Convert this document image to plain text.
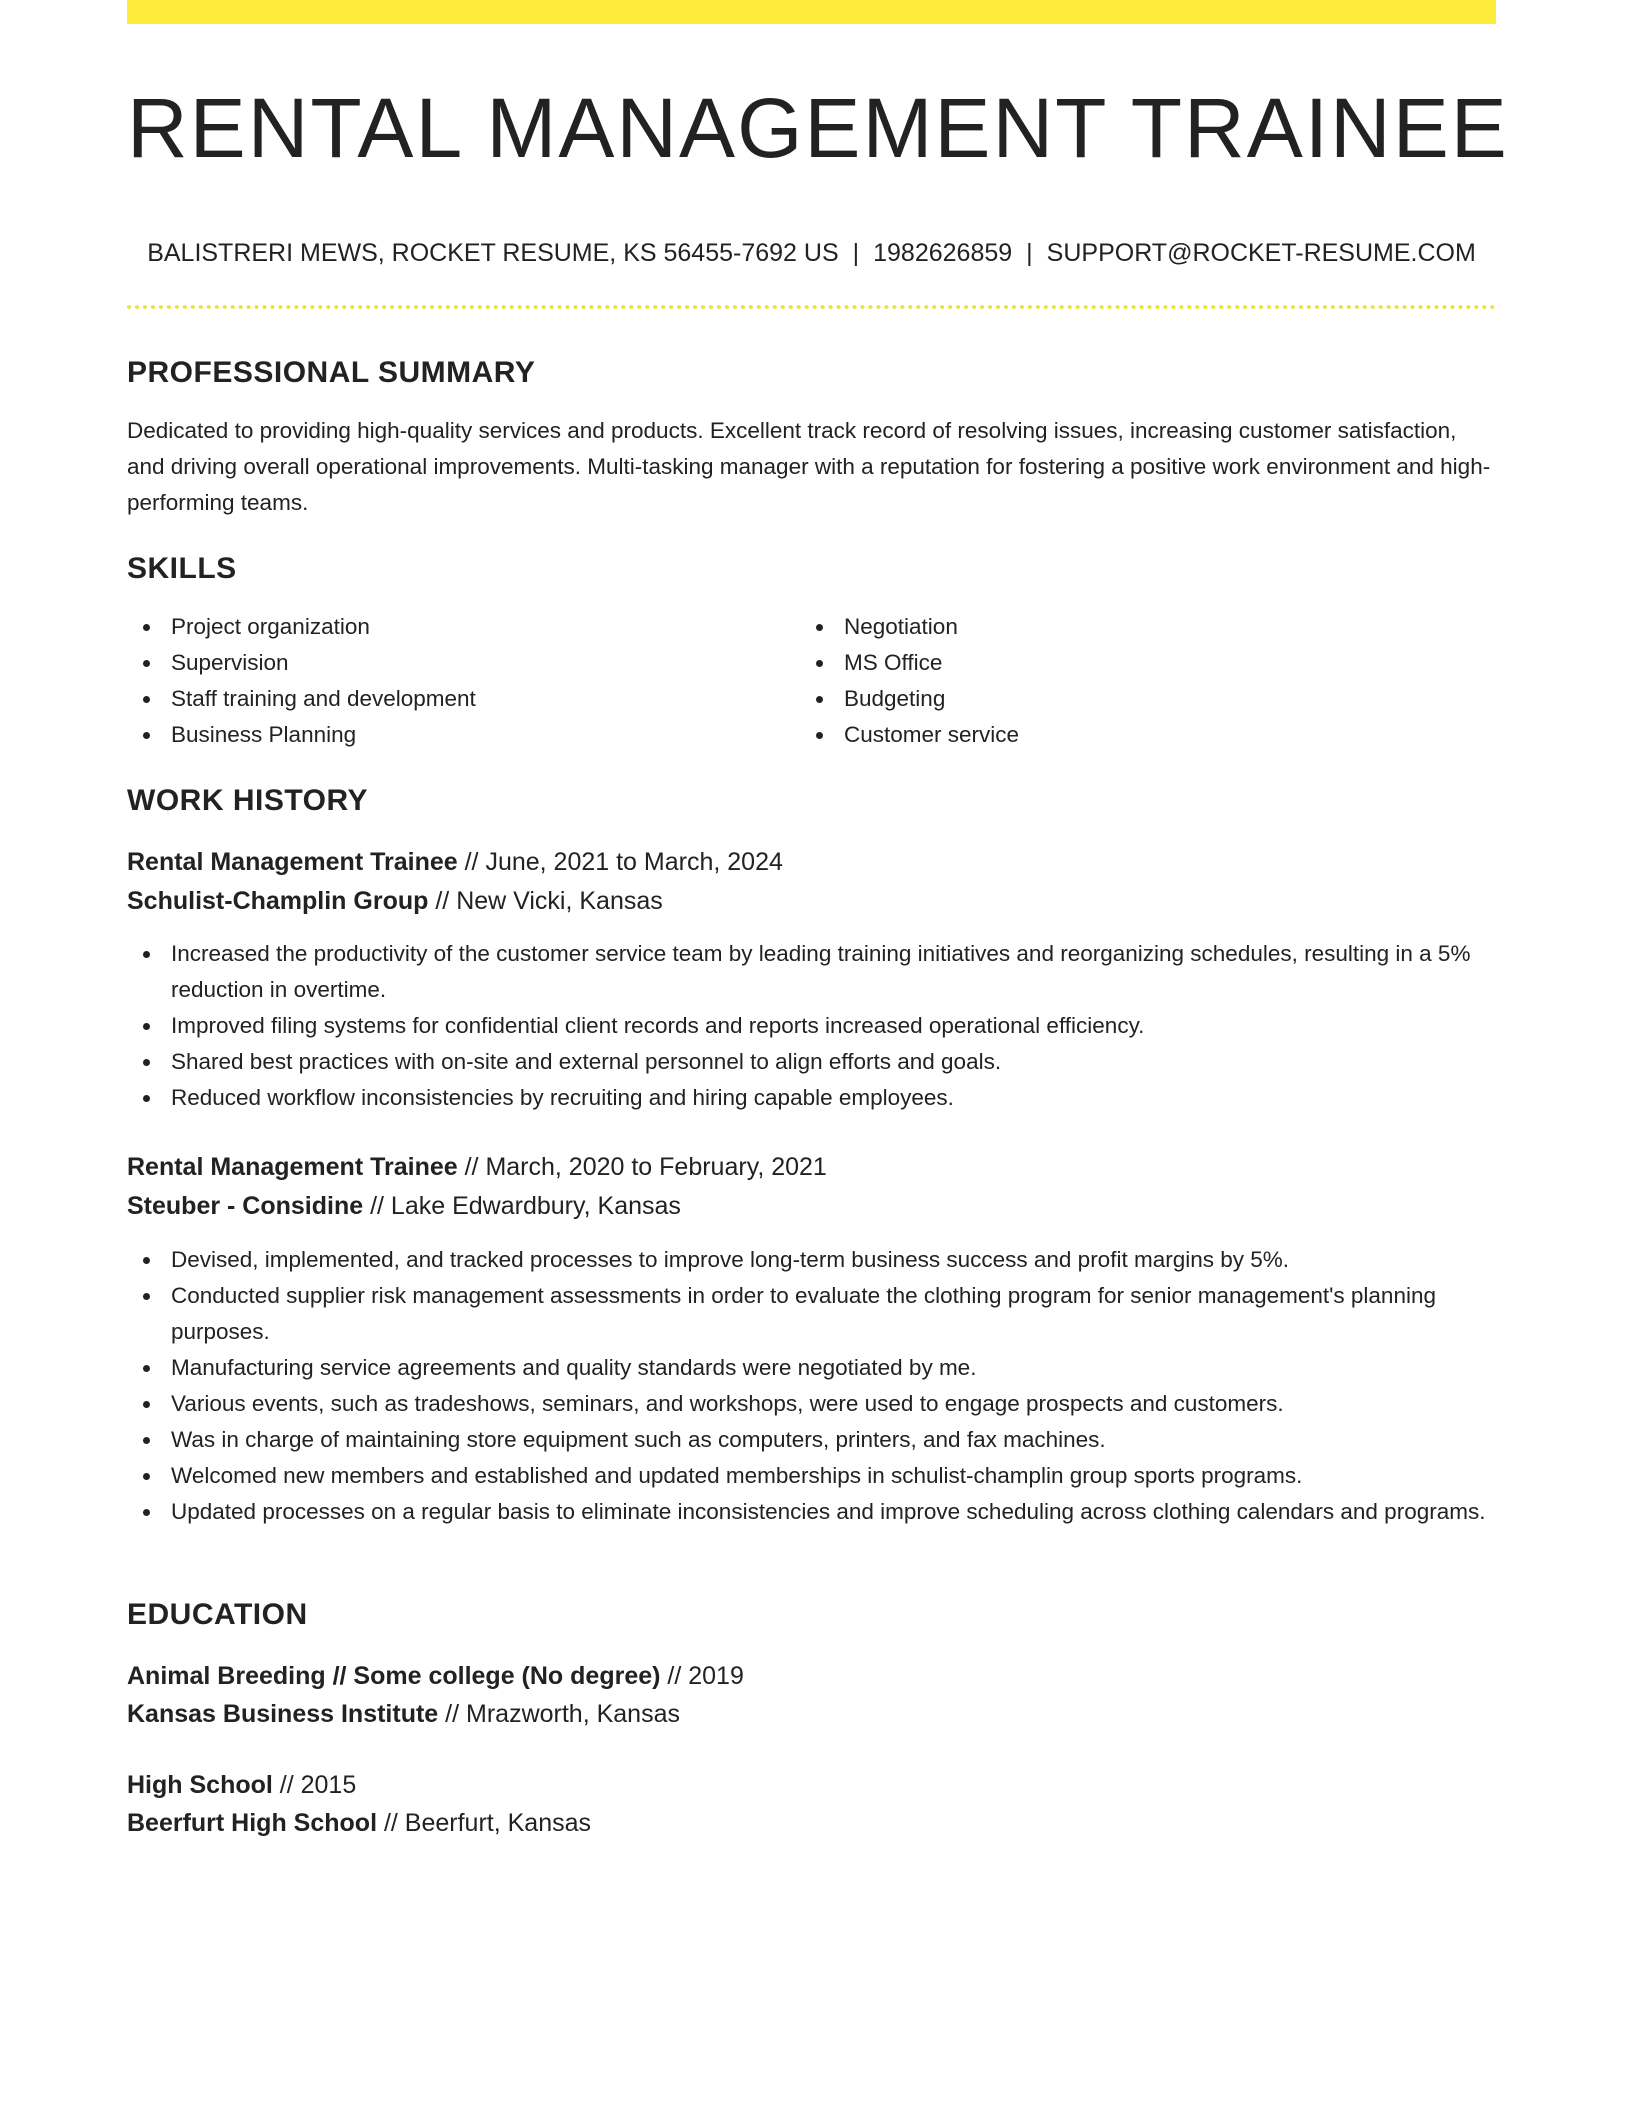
RENTAL MANAGEMENT TRAINEE
BALISTRERI MEWS, ROCKET RESUME, KS 56455-7692 US | 1982626859 | SUPPORT@ROCKET-RESUME.COM
PROFESSIONAL SUMMARY

Dedicated to providing high-quality services and products. Excellent track record of resolving issues, increasing customer satisfaction, and driving overall operational improvements. Multi-tasking manager with a reputation for fostering a positive work environment and high-performing teams.

SKILLS
Project organization
Supervision
Staff training and development
Business Planning
Negotiation
MS Office
Budgeting
Customer service
WORK HISTORY
Rental Management Trainee // June, 2021 to March, 2024
Schulist-Champlin Group // New Vicki, Kansas
Increased the productivity of the customer service team by leading training initiatives and reorganizing schedules, resulting in a 5% reduction in overtime.
Improved filing systems for confidential client records and reports increased operational efficiency.
Shared best practices with on-site and external personnel to align efforts and goals.
Reduced workflow inconsistencies by recruiting and hiring capable employees.
Rental Management Trainee // March, 2020 to February, 2021
Steuber - Considine // Lake Edwardbury, Kansas
Devised, implemented, and tracked processes to improve long-term business success and profit margins by 5%.
Conducted supplier risk management assessments in order to evaluate the clothing program for senior management's planning purposes.
Manufacturing service agreements and quality standards were negotiated by me.
Various events, such as tradeshows, seminars, and workshops, were used to engage prospects and customers.
Was in charge of maintaining store equipment such as computers, printers, and fax machines.
Welcomed new members and established and updated memberships in schulist-champlin group sports programs.
Updated processes on a regular basis to eliminate inconsistencies and improve scheduling across clothing calendars and programs.
EDUCATION
Animal Breeding // Some college (No degree) // 2019
Kansas Business Institute // Mrazworth, Kansas
High School // 2015
Beerfurt High School // Beerfurt, Kansas
